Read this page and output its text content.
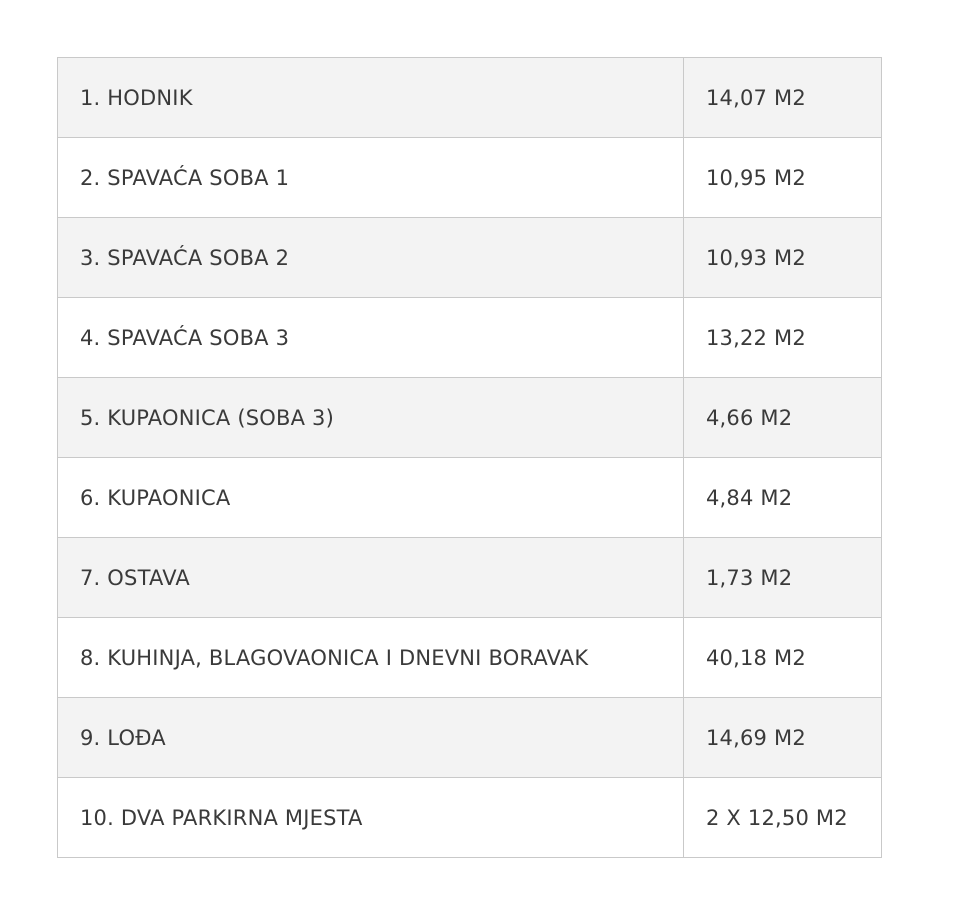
1. HODNIK	14,07 M2
2. SPAVAĆA SOBA 1	10,95 M2
3. SPAVAĆA SOBA 2	10,93 M2
4. SPAVAĆA SOBA 3	13,22 M2
5. KUPAONICA (SOBA 3)	4,66 M2
6. KUPAONICA	4,84 M2
7. OSTAVA	1,73 M2
8. KUHINJA, BLAGOVAONICA I DNEVNI BORAVAK	40,18 M2
9. LOĐA	14,69 M2
10. DVA PARKIRNA MJESTA	2 X 12,50 M2
